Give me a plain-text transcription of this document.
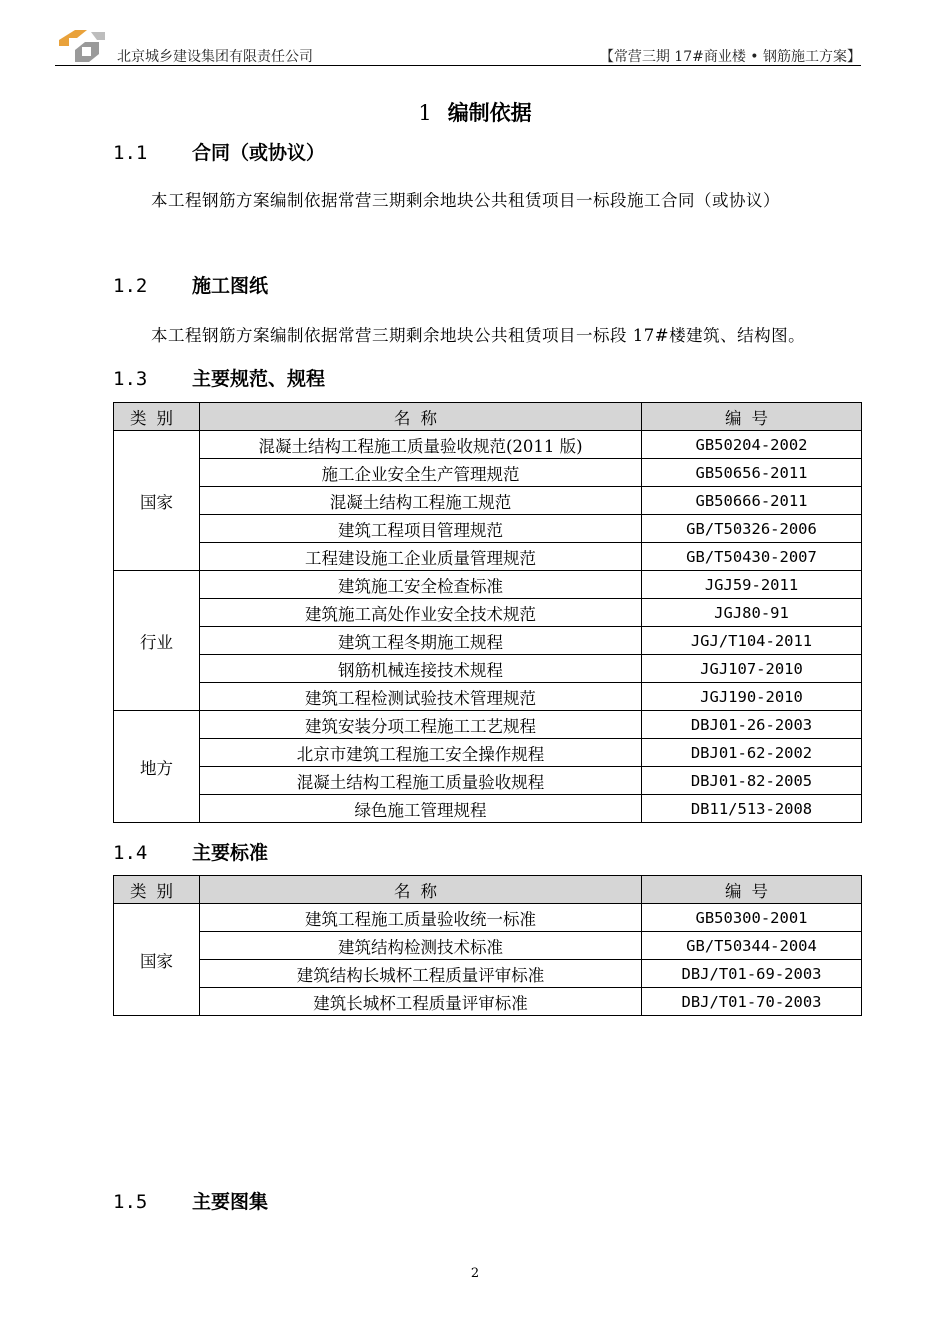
北京城乡建设集团有限责任公司	【常营三期 17#商业楼 • 钢筋施工方案】
1 编制依据
1.1 合同（或协议）
本工程钢筋方案编制依据常营三期剩余地块公共租赁项目一标段施工合同（或协议）
1.2 施工图纸
本工程钢筋方案编制依据常营三期剩余地块公共租赁项目一标段 17#楼建筑、结构图。
1.3 主要规范、规程
类别	名称	编号
国家	混凝土结构工程施工质量验收规范(2011 版)	GB50204-2002
	施工企业安全生产管理规范	GB50656-2011
	混凝土结构工程施工规范	GB50666-2011
	建筑工程项目管理规范	GB/T50326-2006
	工程建设施工企业质量管理规范	GB/T50430-2007
行业	建筑施工安全检查标准	JGJ59-2011
	建筑施工高处作业安全技术规范	JGJ80-91
	建筑工程冬期施工规程	JGJ/T104-2011
	钢筋机械连接技术规程	JGJ107-2010
	建筑工程检测试验技术管理规范	JGJ190-2010
地方	建筑安装分项工程施工工艺规程	DBJ01-26-2003
	北京市建筑工程施工安全操作规程	DBJ01-62-2002
	混凝土结构工程施工质量验收规程	DBJ01-82-2005
	绿色施工管理规程	DB11/513-2008
1.4 主要标准
类别	名称	编号
国家	建筑工程施工质量验收统一标准	GB50300-2001
	建筑结构检测技术标准	GB/T50344-2004
	建筑结构长城杯工程质量评审标准	DBJ/T01-69-2003
	建筑长城杯工程质量评审标准	DBJ/T01-70-2003
1.5 主要图集
2
